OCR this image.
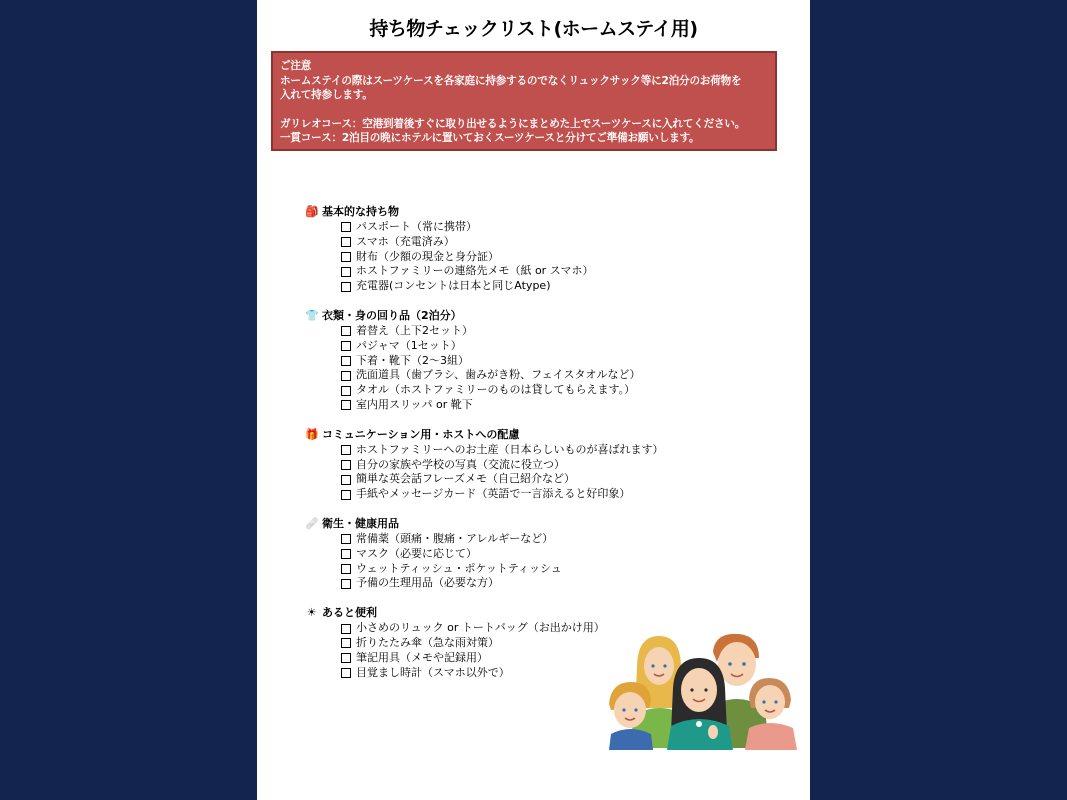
持ち物チェックリスト(ホームステイ用)
ご注意
ホームステイの際はスーツケースを各家庭に持参するのでなくリュックサック等に2泊分のお荷物を
入れて持参します。
ガリレオコース：空港到着後すぐに取り出せるようにまとめた上でスーツケースに入れてください。
一貫コース：2泊目の晩にホテルに置いておくスーツケースと分けてご準備お願いします。
🎒 基本的な持ち物
パスポート（常に携帯）
スマホ（充電済み）
財布（少額の現金と身分証）
ホストファミリーの連絡先メモ（紙 or スマホ）
充電器(コンセントは日本と同じAtype)
👕 衣類・身の回り品（2泊分）
着替え（上下2セット）
パジャマ（1セット）
下着・靴下（2〜3組）
洗面道具（歯ブラシ、歯みがき粉、フェイスタオルなど）
タオル（ホストファミリーのものは貸してもらえます。）
室内用スリッパ or 靴下
🎁 コミュニケーション用・ホストへの配慮
ホストファミリーへのお土産（日本らしいものが喜ばれます）
自分の家族や学校の写真（交流に役立つ）
簡単な英会話フレーズメモ（自己紹介など）
手紙やメッセージカード（英語で一言添えると好印象）
🩹 衛生・健康用品
常備薬（頭痛・腹痛・アレルギーなど）
マスク（必要に応じて）
ウェットティッシュ・ポケットティッシュ
予備の生理用品（必要な方）
☀ あると便利
小さめのリュック or トートバッグ（お出かけ用）
折りたたみ傘（急な雨対策）
筆記用具（メモや記録用）
目覚まし時計（スマホ以外で）
